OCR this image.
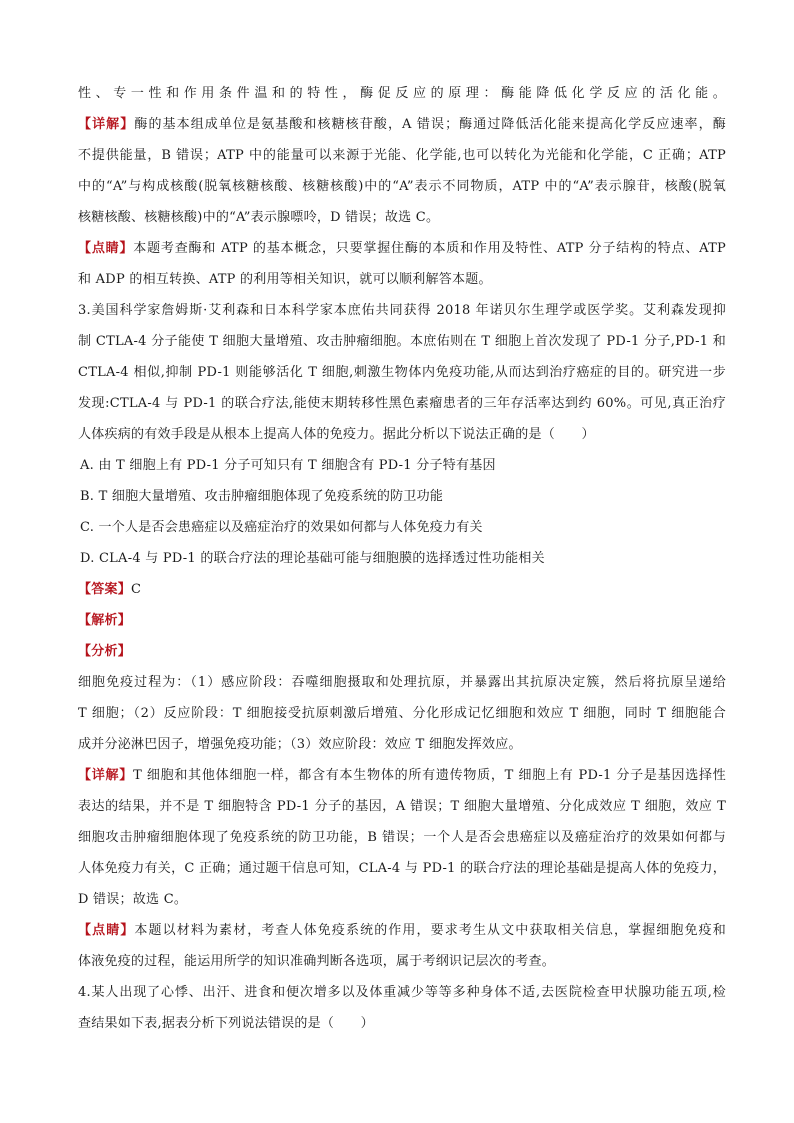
性、专一性和作用条件温和的特性，酶促反应的原理：酶能降低化学反应的活化能。
【详解】酶的基本组成单位是氨基酸和核糖核苷酸，A 错误；酶通过降低活化能来提高化学反应速率，酶
不提供能量，B 错误；ATP 中的能量可以来源于光能、化学能,也可以转化为光能和化学能，C 正确；ATP
中的“A”与构成核酸(脱氧核糖核酸、核糖核酸)中的“A”表示不同物质，ATP 中的“A”表示腺苷，核酸(脱氧
核糖核酸、核糖核酸)中的“A”表示腺嘌呤，D 错误；故选 C。
【点睛】本题考查酶和 ATP 的基本概念，只要掌握住酶的本质和作用及特性、ATP 分子结构的特点、ATP
和 ADP 的相互转换、ATP 的利用等相关知识，就可以顺利解答本题。
3.美国科学家詹姆斯·艾利森和日本科学家本庶佑共同获得 2018 年诺贝尔生理学或医学奖。艾利森发现抑
制 CTLA-4 分子能使 T 细胞大量增殖、攻击肿瘤细胞。本庶佑则在 T 细胞上首次发现了 PD-1 分子,PD-1 和
CTLA-4 相似,抑制 PD-1 则能够活化 T 细胞,刺激生物体内免疫功能,从而达到治疗癌症的目的。研究进一步
发现:CTLA-4 与 PD-1 的联合疗法,能使末期转移性黑色素瘤患者的三年存活率达到约 60%。可见,真正治疗
人体疾病的有效手段是从根本上提高人体的免疫力。据此分析以下说法正确的是（　　）
A. 由 T 细胞上有 PD-1 分子可知只有 T 细胞含有 PD-1 分子特有基因
B. T 细胞大量增殖、攻击肿瘤细胞体现了免疫系统的防卫功能
C. 一个人是否会患癌症以及癌症治疗的效果如何都与人体免疫力有关
D. CLA-4 与 PD-1 的联合疗法的理论基础可能与细胞膜的选择透过性功能相关
【答案】C
【解析】
【分析】
细胞免疫过程为：（1）感应阶段：吞噬细胞摄取和处理抗原，并暴露出其抗原决定簇，然后将抗原呈递给
T 细胞；（2）反应阶段：T 细胞接受抗原刺激后增殖、分化形成记忆细胞和效应 T 细胞，同时 T 细胞能合
成并分泌淋巴因子，增强免疫功能；（3）效应阶段：效应 T 细胞发挥效应。
【详解】T 细胞和其他体细胞一样，都含有本生物体的所有遗传物质，T 细胞上有 PD-1 分子是基因选择性
表达的结果，并不是 T 细胞特含 PD-1 分子的基因，A 错误；T 细胞大量增殖、分化成效应 T 细胞，效应 T
细胞攻击肿瘤细胞体现了免疫系统的防卫功能，B 错误；一个人是否会患癌症以及癌症治疗的效果如何都与
人体免疫力有关，C 正确；通过题干信息可知，CLA-4 与 PD-1 的联合疗法的理论基础是提高人体的免疫力，
D 错误；故选 C。
【点睛】本题以材料为素材，考查人体免疫系统的作用，要求考生从文中获取相关信息，掌握细胞免疫和
体液免疫的过程，能运用所学的知识准确判断各选项，属于考纲识记层次的考查。
4.某人出现了心悸、出汗、进食和便次增多以及体重减少等等多种身体不适,去医院检查甲状腺功能五项,检
查结果如下表,据表分析下列说法错误的是（　　）
